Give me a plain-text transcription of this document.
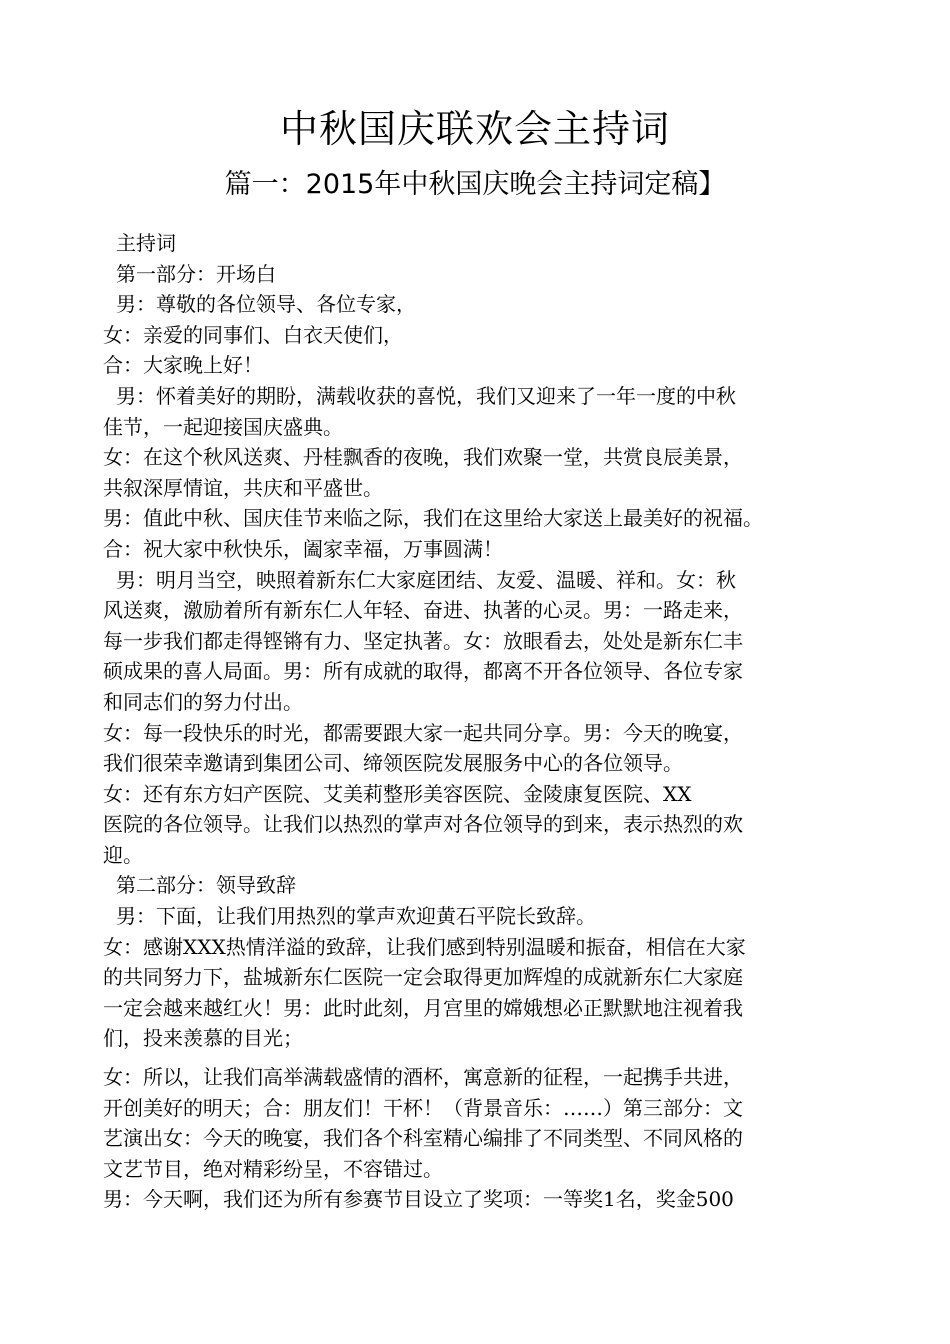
中秋国庆联欢会主持词
篇一：2015年中秋国庆晚会主持词定稿】
主持词
第一部分：开场白
男：尊敬的各位领导、各位专家，
女：亲爱的同事们、白衣天使们，
合：大家晚上好！
男：怀着美好的期盼，满载收获的喜悦，我们又迎来了一年一度的中秋
佳节，一起迎接国庆盛典。
女：在这个秋风送爽、丹桂飘香的夜晚，我们欢聚一堂，共赏良辰美景，
共叙深厚情谊，共庆和平盛世。
男：值此中秋、国庆佳节来临之际，我们在这里给大家送上最美好的祝福。
合：祝大家中秋快乐，阖家幸福，万事圆满！
男：明月当空，映照着新东仁大家庭团结、友爱、温暖、祥和。女：秋
风送爽，激励着所有新东仁人年轻、奋进、执著的心灵。男：一路走来，
每一步我们都走得铿锵有力、坚定执著。女：放眼看去，处处是新东仁丰
硕成果的喜人局面。男：所有成就的取得，都离不开各位领导、各位专家
和同志们的努力付出。
女：每一段快乐的时光，都需要跟大家一起共同分享。男：今天的晚宴，
我们很荣幸邀请到集团公司、缔领医院发展服务中心的各位领导。
女：还有东方妇产医院、艾美莉整形美容医院、金陵康复医院、XX
医院的各位领导。让我们以热烈的掌声对各位领导的到来，表示热烈的欢
迎。
第二部分：领导致辞
男：下面，让我们用热烈的掌声欢迎黄石平院长致辞。
女：感谢XXX热情洋溢的致辞，让我们感到特别温暖和振奋，相信在大家
的共同努力下，盐城新东仁医院一定会取得更加辉煌的成就新东仁大家庭
一定会越来越红火！男：此时此刻，月宫里的嫦娥想必正默默地注视着我
们，投来羡慕的目光；
女：所以，让我们高举满载盛情的酒杯，寓意新的征程，一起携手共进，
开创美好的明天；合：朋友们！干杯！（背景音乐：……）第三部分：文
艺演出女：今天的晚宴，我们各个科室精心编排了不同类型、不同风格的
文艺节目，绝对精彩纷呈，不容错过。
男：今天啊，我们还为所有参赛节目设立了奖项：一等奖1名，奖金500
